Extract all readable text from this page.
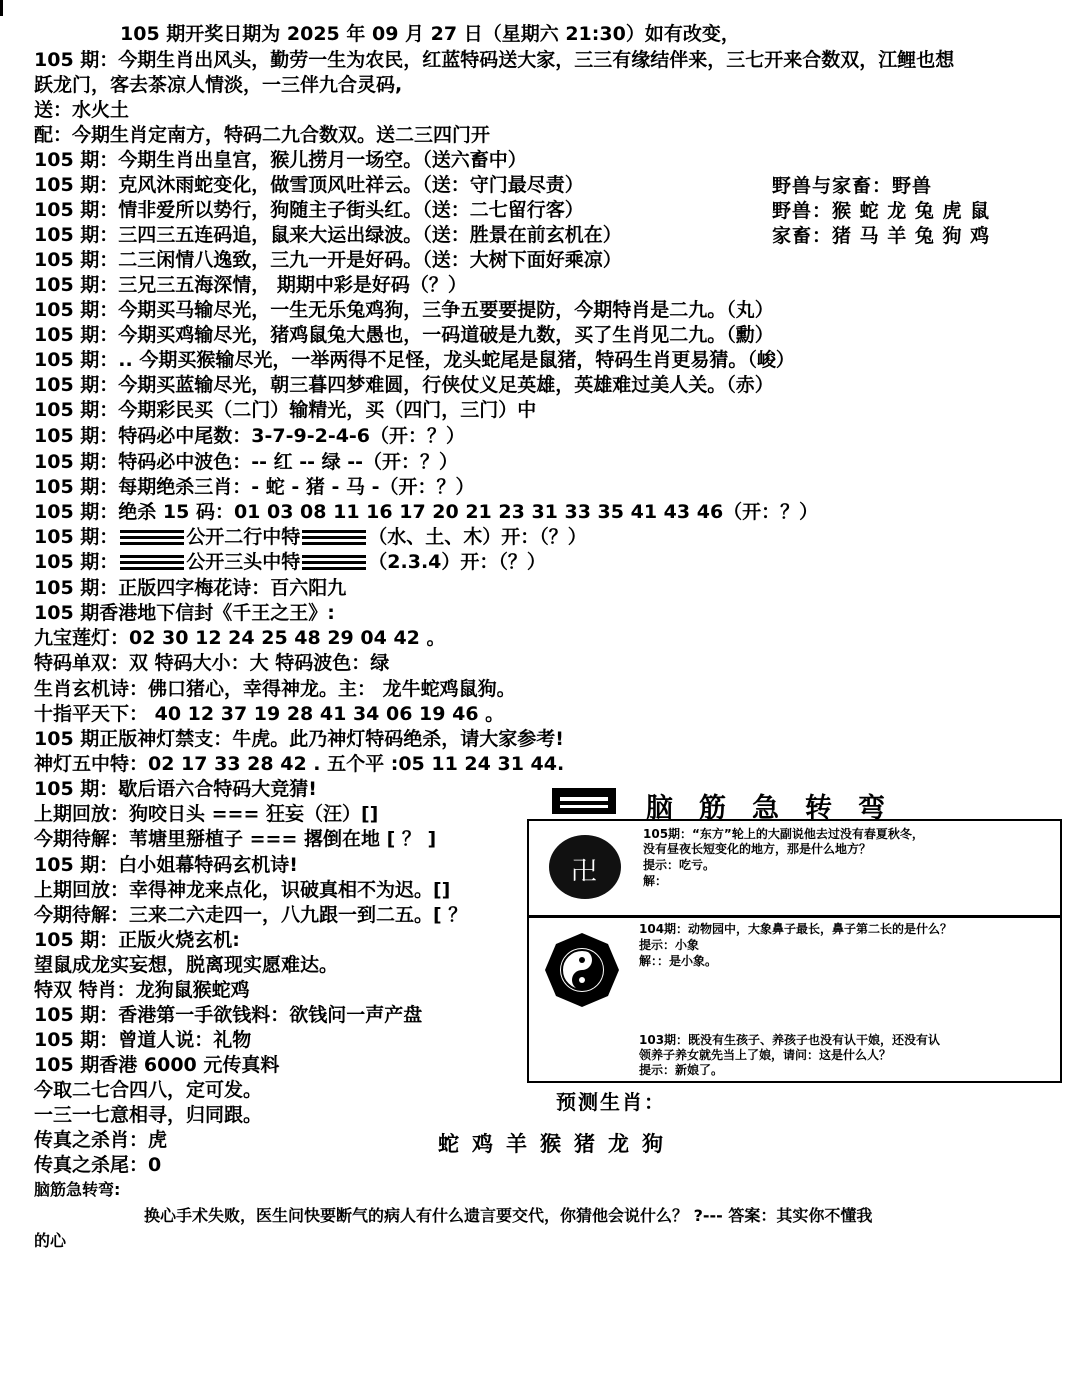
105 期开奖日期为 2025 年 09 月 27 日（星期六 21:30）如有改变，
105 期：今期生肖出风头，勤劳一生为农民，红蓝特码送大家，三三有缘结伴来，三七开来合数双，江鲤也想
跃龙门，客去茶凉人情淡，一三伴九合灵码,
送：水火土
配：今期生肖定南方，特码二九合数双。送二三四门开
105 期：今期生肖出皇宫，猴儿捞月一场空。（送六畜中）
105 期：克风沐雨蛇变化，做雪顶风吐祥云。（送：守门最尽责）
105 期：情非爱所以势行，狗随主子街头红。（送：二七留行客）
105 期：三四三五连码追，鼠来大运出绿波。（送：胜景在前玄机在）
105 期：二三闲情八逸致，三九一开是好码。（送：大树下面好乘凉）
105 期：三兄三五海深情， 期期中彩是好码（？）
105 期：今期买马输尽光，一生无乐兔鸡狗，三争五要要提防，今期特肖是二九。（丸）
105 期：今期买鸡输尽光，猪鸡鼠兔大愚也，一码道破是九数，买了生肖见二九。（勳）
105 期：.. 今期买猴输尽光，一举两得不足怪，龙头蛇尾是鼠猪，特码生肖更易猜。（峻）
105 期：今期买蓝输尽光，朝三暮四梦难圆，行侠仗义足英雄，英雄难过美人关。（赤）
105 期：今期彩民买（二门）输精光，买（四门，三门）中
105 期：特码必中尾数：3-7-9-2-4-6（开：？）
105 期：特码必中波色：-- 红 -- 绿 --（开：？）
105 期：每期绝杀三肖：- 蛇 - 猪 - 马 -（开：？）
105 期：绝杀 15 码：01 03 08 11 16 17 20 21 23 31 33 35 41 43 46（开：？）
105 期：	公开二行中特	（水、土、木）开：（？）
105 期：	公开三头中特	（2.3.4）开：（？）
105 期：正版四字梅花诗：百六阳九
105 期香港地下信封《千王之王》:
九宝莲灯：02 30 12 24 25 48 29 04 42 。
特码单双：双 特码大小：大 特码波色：绿
生肖玄机诗：佛口猪心，幸得神龙。主： 龙牛蛇鸡鼠狗。
十指平天下： 40 12 37 19 28 41 34 06 19 46 。
105 期正版神灯禁支：牛虎。此乃神灯特码绝杀，请大家参考!
神灯五中特：02 17 33 28 42 . 五个平 :05 11 24 31 44.
105 期：歇后语六合特码大竞猜!
上期回放：狗咬日头 === 狂妄（汪）[]
今期待解：苇塘里掰植子 === 撂倒在地 [ ？ ]
105 期：白小姐幕特码玄机诗!
上期回放：幸得神龙来点化，识破真相不为迟。[]
今期待解：三来二六走四一，八九跟一到二五。[ ？
105 期：正版火烧玄机:
望鼠成龙实妄想，脱离现实愿难达。
特双 特肖：龙狗鼠猴蛇鸡
105 期：香港第一手欲钱料：欲钱问一声产盘
105 期：曾道人说：礼物
105 期香港 6000 元传真料
今取二七合四八，定可发。
一三一七意相寻，归同跟。
传真之杀肖：虎
传真之杀尾：0
脑筋急转弯:
野兽与家畜：野兽
野兽：猴 蛇 龙 兔 虎 鼠
家畜：猪 马 羊 兔 狗 鸡
脑筋急转弯
卍
105期：“东方”轮上的大副说他去过没有春夏秋冬，
没有昼夜长短变化的地方，那是什么地方？
提示：吃亏。
解：
104期：动物园中，大象鼻子最长，鼻子第二长的是什么？
提示：小象
解：：是小象。
103期：既没有生孩子、养孩子也没有认干娘，还没有认
领养子养女就先当上了娘，请问：这是什么人？
提示：新娘了。
预测生肖：
蛇鸡羊猴猪龙狗
换心手术失败，医生问快要断气的病人有什么遗言要交代，你猜他会说什么？ ?--- 答案：其实你不懂我
的心
